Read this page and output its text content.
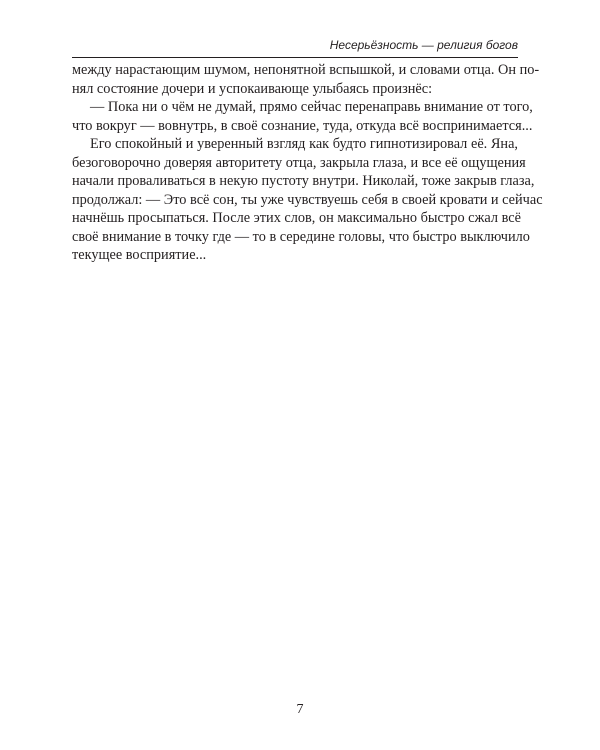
Несерьёзность — религия богов
между нарастающим шумом, непонятной вспышкой, и словами отца. Он по-
нял состояние дочери и успокаивающе улыбаясь произнёс:
— Пока ни о чём не думай, прямо сейчас перенаправь внимание от того,
что вокруг — вовнутрь, в своё сознание, туда, откуда всё воспринимается...
Его спокойный и уверенный взгляд как будто гипнотизировал её. Яна,
безоговорочно доверяя авторитету отца, закрыла глаза, и все её ощущения
начали проваливаться в некую пустоту внутри. Николай, тоже закрыв глаза,
продолжал: — Это всё сон, ты уже чувствуешь себя в своей кровати и сейчас
начнёшь просыпаться. После этих слов, он максимально быстро сжал всё
своё внимание в точку где — то в середине головы, что быстро выключило
текущее восприятие...
7
